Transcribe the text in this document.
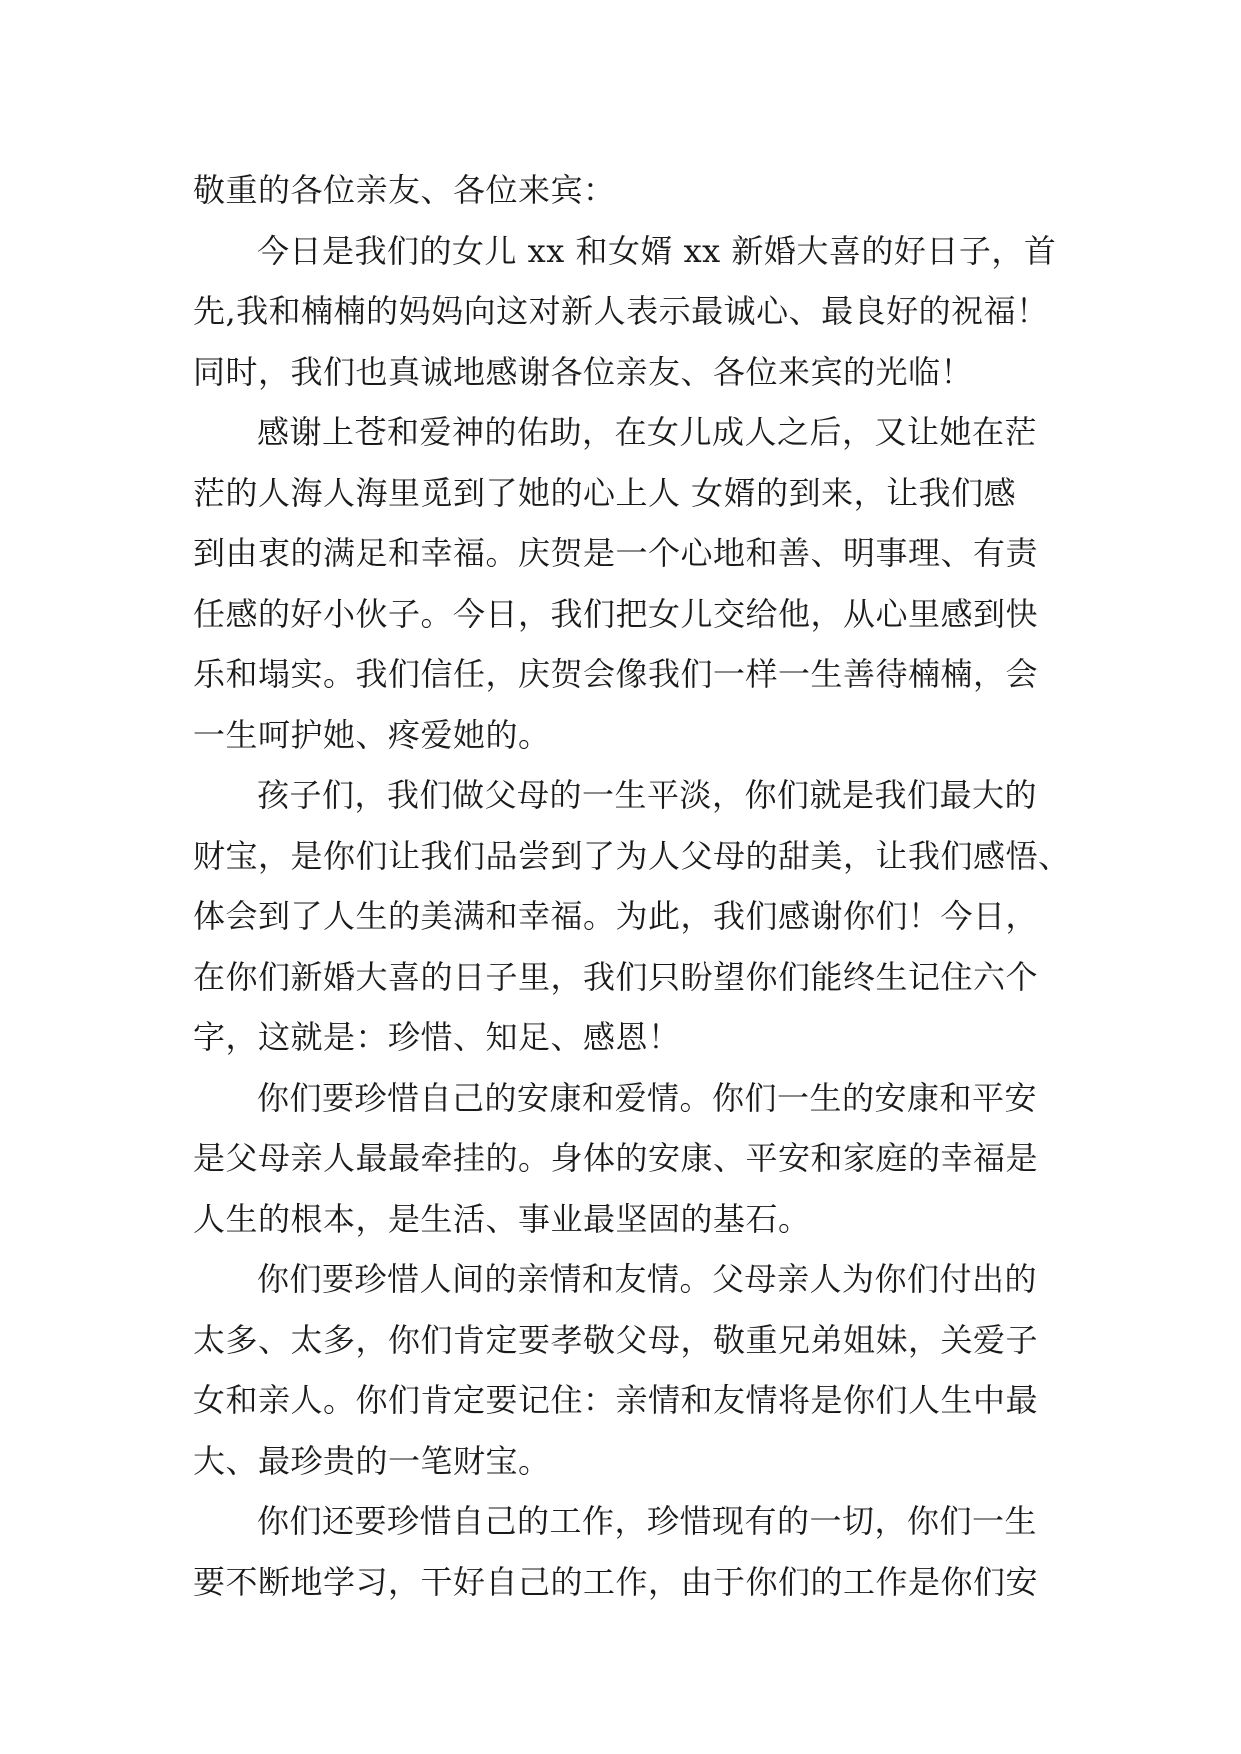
敬重的各位亲友、各位来宾：
今日是我们的女儿 xx 和女婿 xx 新婚大喜的好日子，首
先,我和楠楠的妈妈向这对新人表示最诚心、最良好的祝福！
同时，我们也真诚地感谢各位亲友、各位来宾的光临！
感谢上苍和爱神的佑助，在女儿成人之后，又让她在茫
茫的人海人海里觅到了她的心上人 女婿的到来，让我们感
到由衷的满足和幸福。庆贺是一个心地和善、明事理、有责
任感的好小伙子。今日，我们把女儿交给他，从心里感到快
乐和塌实。我们信任，庆贺会像我们一样一生善待楠楠，会
一生呵护她、疼爱她的。
孩子们，我们做父母的一生平淡，你们就是我们最大的
财宝，是你们让我们品尝到了为人父母的甜美，让我们感悟、
体会到了人生的美满和幸福。为此，我们感谢你们！今日，
在你们新婚大喜的日子里，我们只盼望你们能终生记住六个
字，这就是：珍惜、知足、感恩！
你们要珍惜自己的安康和爱情。你们一生的安康和平安
是父母亲人最最牵挂的。身体的安康、平安和家庭的幸福是
人生的根本，是生活、事业最坚固的基石。
你们要珍惜人间的亲情和友情。父母亲人为你们付出的
太多、太多，你们肯定要孝敬父母，敬重兄弟姐妹，关爱子
女和亲人。你们肯定要记住：亲情和友情将是你们人生中最
大、最珍贵的一笔财宝。
你们还要珍惜自己的工作，珍惜现有的一切，你们一生
要不断地学习，干好自己的工作，由于你们的工作是你们安
